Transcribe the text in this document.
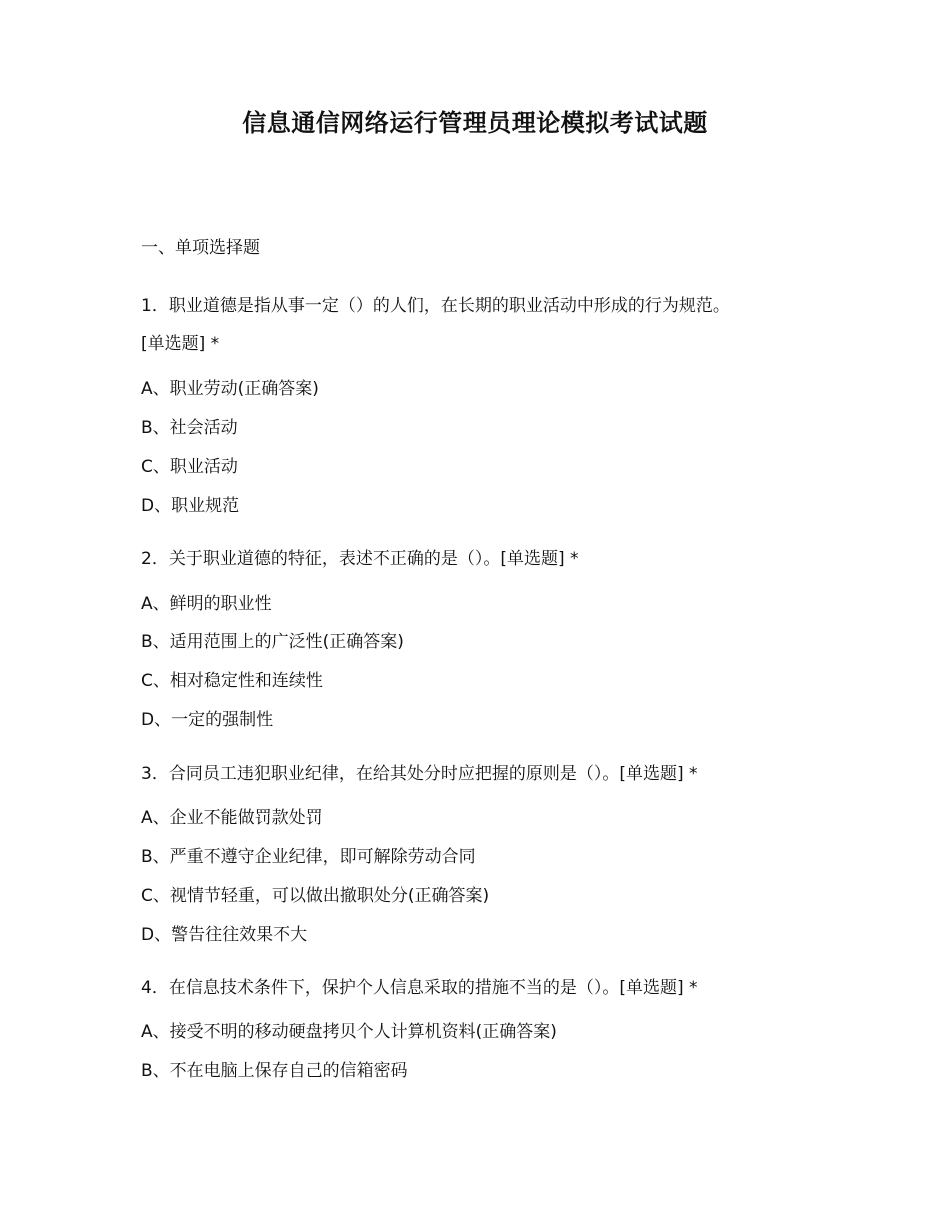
信息通信网络运行管理员理论模拟考试试题

一、单项选择题

1．职业道德是指从事一定（）的人们，在长期的职业活动中形成的行为规范。

[单选题] *

A、职业劳动(正确答案)

B、社会活动

C、职业活动

D、职业规范

2．关于职业道德的特征，表述不正确的是（）。[单选题] *

A、鲜明的职业性

B、适用范围上的广泛性(正确答案)

C、相对稳定性和连续性

D、一定的强制性

3．合同员工违犯职业纪律，在给其处分时应把握的原则是（）。[单选题] *

A、企业不能做罚款处罚

B、严重不遵守企业纪律，即可解除劳动合同

C、视情节轻重，可以做出撤职处分(正确答案)

D、警告往往效果不大

4．在信息技术条件下，保护个人信息采取的措施不当的是（）。[单选题] *

A、接受不明的移动硬盘拷贝个人计算机资料(正确答案)

B、不在电脑上保存自己的信箱密码
